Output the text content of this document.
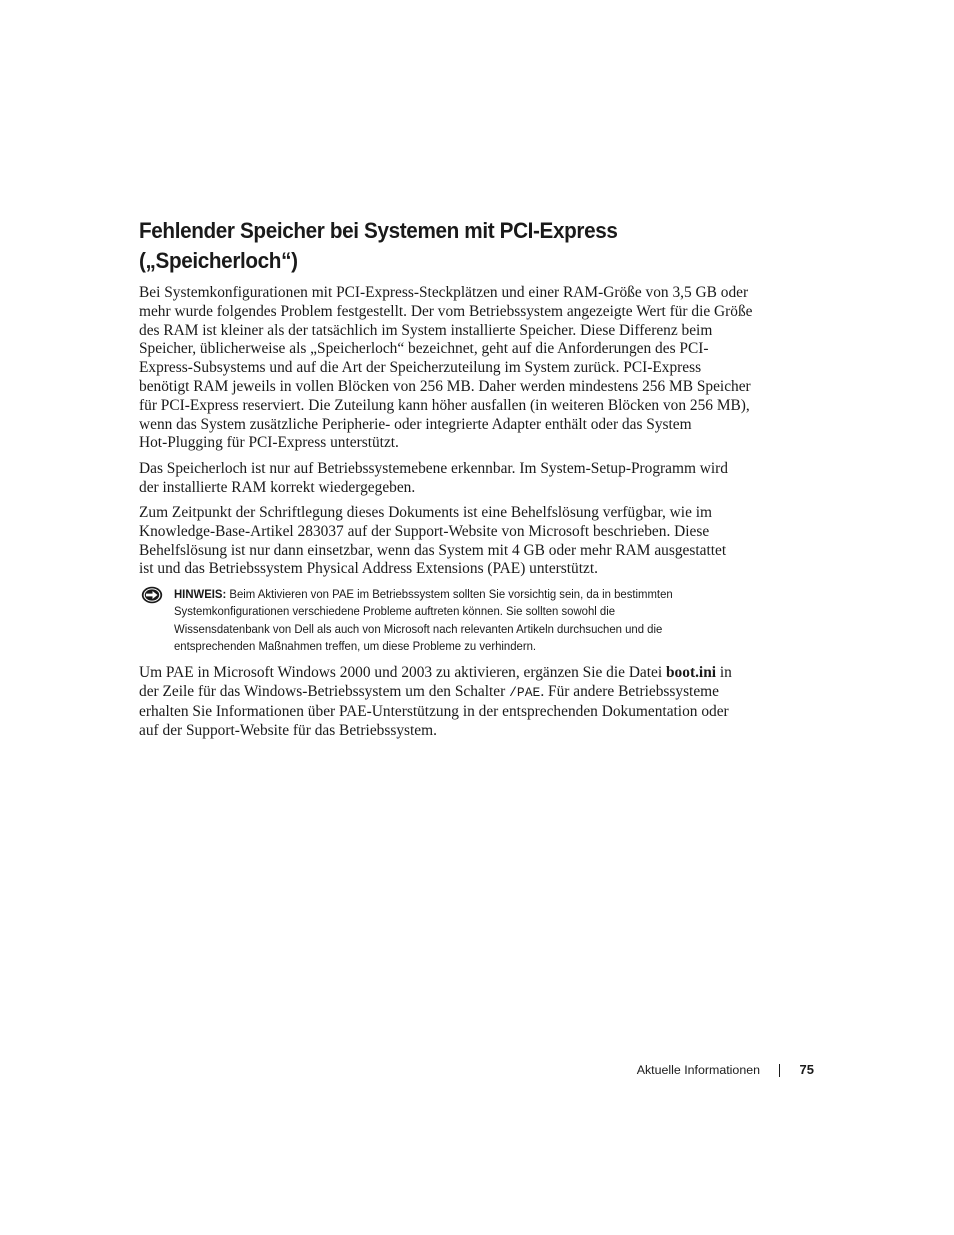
Fehlender Speicher bei Systemen mit PCI-Express
(„Speicherloch“)

Bei Systemkonfigurationen mit PCI-Express-Steckplätzen und einer RAM-Größe von 3,5 GB oder
mehr wurde folgendes Problem festgestellt. Der vom Betriebssystem angezeigte Wert für die Größe
des RAM ist kleiner als der tatsächlich im System installierte Speicher. Diese Differenz beim
Speicher, üblicherweise als „Speicherloch“ bezeichnet, geht auf die Anforderungen des PCI-
Express-Subsystems und auf die Art der Speicherzuteilung im System zurück. PCI-Express
benötigt RAM jeweils in vollen Blöcken von 256 MB. Daher werden mindestens 256 MB Speicher
für PCI-Express reserviert. Die Zuteilung kann höher ausfallen (in weiteren Blöcken von 256 MB),
wenn das System zusätzliche Peripherie- oder integrierte Adapter enthält oder das System
Hot-Plugging für PCI-Express unterstützt.

Das Speicherloch ist nur auf Betriebssystemebene erkennbar. Im System-Setup-Programm wird
der installierte RAM korrekt wiedergegeben.

Zum Zeitpunkt der Schriftlegung dieses Dokuments ist eine Behelfslösung verfügbar, wie im
Knowledge-Base-Artikel 283037 auf der Support-Website von Microsoft beschrieben. Diese
Behelfslösung ist nur dann einsetzbar, wenn das System mit 4 GB oder mehr RAM ausgestattet
ist und das Betriebssystem Physical Address Extensions (PAE) unterstützt.

HINWEIS: Beim Aktivieren von PAE im Betriebssystem sollten Sie vorsichtig sein, da in bestimmten
Systemkonfigurationen verschiedene Probleme auftreten können. Sie sollten sowohl die
Wissensdatenbank von Dell als auch von Microsoft nach relevanten Artikeln durchsuchen und die
entsprechenden Maßnahmen treffen, um diese Probleme zu verhindern.

Um PAE in Microsoft Windows 2000 und 2003 zu aktivieren, ergänzen Sie die Datei boot.ini in
der Zeile für das Windows-Betriebssystem um den Schalter /PAE. Für andere Betriebssysteme
erhalten Sie Informationen über PAE-Unterstützung in der entsprechenden Dokumentation oder
auf der Support-Website für das Betriebssystem.

Aktuelle Informationen	75
